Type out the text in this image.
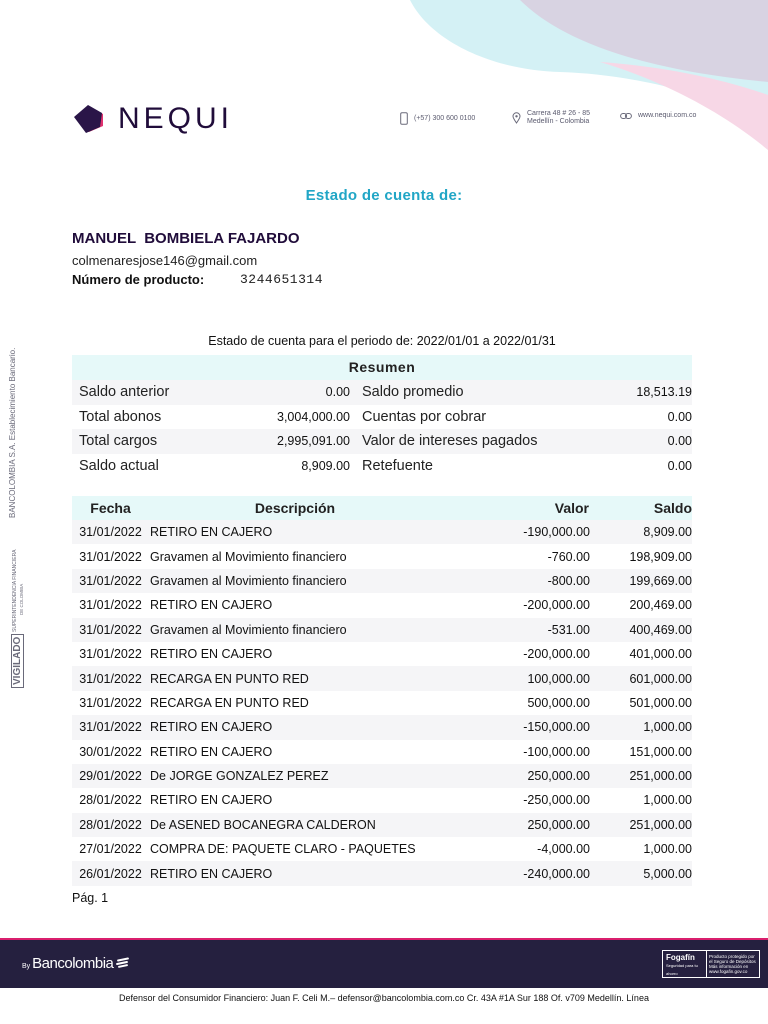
NEQUI	(+57) 300 600 0100
Carrera 48 # 26 - 85
Medellín - Colombia
www.nequi.com.co
Estado de cuenta de:
MANUEL  BOMBIELA FAJARDO
colmenaresjose146@gmail.com
Número de producto:	3244651314
Estado de cuenta para el periodo de: 2022/01/01 a 2022/01/31
Resumen
Saldo anterior	0.00 Saldo promedio	18,513.19
Total abonos	3,004,000.00 Cuentas por cobrar	0.00
Total cargos	2,995,091.00 Valor de intereses pagados	0.00
Saldo actual	8,909.00 Retefuente	0.00
Fecha	Descripción	Valor	Saldo
31/01/2022 RETIRO EN CAJERO	-190,000.00	8,909.00
31/01/2022 Gravamen al Movimiento financiero	-760.00	198,909.00
31/01/2022 Gravamen al Movimiento financiero	-800.00	199,669.00
31/01/2022 RETIRO EN CAJERO	-200,000.00	200,469.00
31/01/2022 Gravamen al Movimiento financiero	-531.00	400,469.00
31/01/2022 RETIRO EN CAJERO	-200,000.00	401,000.00
31/01/2022 RECARGA EN PUNTO RED	100,000.00	601,000.00
31/01/2022 RECARGA EN PUNTO RED	500,000.00	501,000.00
31/01/2022 RETIRO EN CAJERO	-150,000.00	1,000.00
30/01/2022 RETIRO EN CAJERO	-100,000.00	151,000.00
29/01/2022 De JORGE GONZALEZ PEREZ	250,000.00	251,000.00
28/01/2022 RETIRO EN CAJERO	-250,000.00	1,000.00
28/01/2022 De ASENED BOCANEGRA CALDERON	250,000.00	251,000.00
27/01/2022 COMPRA DE: PAQUETE CLARO - PAQUETES	-4,000.00	1,000.00
26/01/2022 RETIRO EN CAJERO	-240,000.00	5,000.00
Pág. 1
BANCOLOMBIA S.A. Establecimiento Bancario.
VIGILADO
SUPERINTENDENCIA FINANCIERA DE COLOMBIA
By Bancolombia	Fogafín
Seguridad para tu ahorro
Producto protegido por el Seguro de Depósitos
Más información en www.fogafin.gov.co
Defensor del Consumidor Financiero: Juan F. Celi M.– defensor@bancolombia.com.co Cr. 43A #1A Sur 188 Of. v709 Medellín. Línea
